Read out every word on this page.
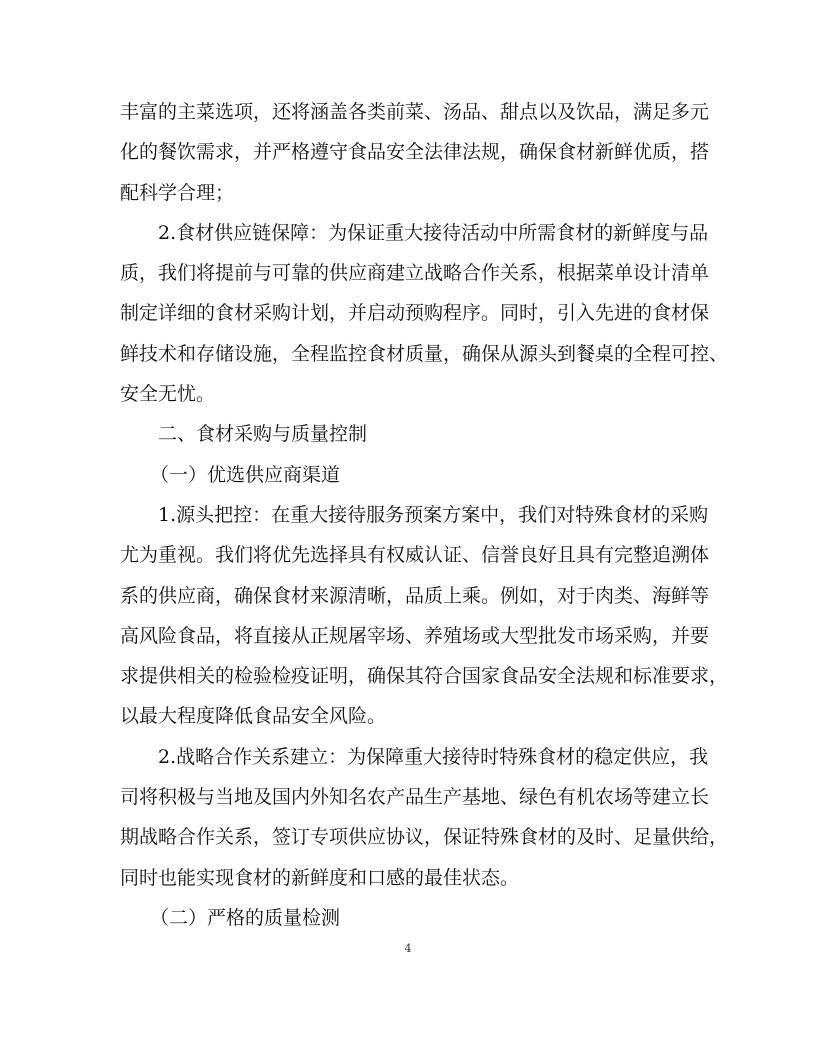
丰富的主菜选项，还将涵盖各类前菜、汤品、甜点以及饮品，满足多元
化的餐饮需求，并严格遵守食品安全法律法规，确保食材新鲜优质，搭
配科学合理；
2.食材供应链保障：为保证重大接待活动中所需食材的新鲜度与品
质，我们将提前与可靠的供应商建立战略合作关系，根据菜单设计清单
制定详细的食材采购计划，并启动预购程序。同时，引入先进的食材保
鲜技术和存储设施，全程监控食材质量，确保从源头到餐桌的全程可控、
安全无忧。
二、食材采购与质量控制
（一）优选供应商渠道
1.源头把控：在重大接待服务预案方案中，我们对特殊食材的采购
尤为重视。我们将优先选择具有权威认证、信誉良好且具有完整追溯体
系的供应商，确保食材来源清晰，品质上乘。例如，对于肉类、海鲜等
高风险食品，将直接从正规屠宰场、养殖场或大型批发市场采购，并要
求提供相关的检验检疫证明，确保其符合国家食品安全法规和标准要求，
以最大程度降低食品安全风险。
2.战略合作关系建立：为保障重大接待时特殊食材的稳定供应，我
司将积极与当地及国内外知名农产品生产基地、绿色有机农场等建立长
期战略合作关系，签订专项供应协议，保证特殊食材的及时、足量供给，
同时也能实现食材的新鲜度和口感的最佳状态。
（二）严格的质量检测
4
